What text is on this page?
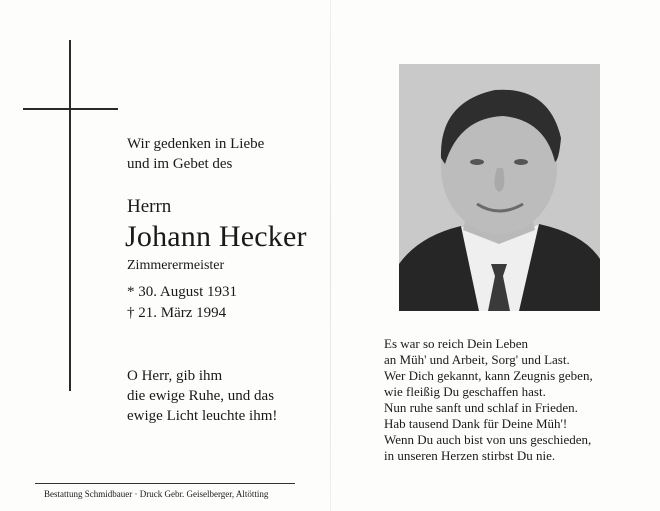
Wir gedenken in Liebe
und im Gebet des
Herrn
Johann Hecker
Zimmerermeister
* 30. August 1931
† 21. März 1994
O Herr, gib ihm
die ewige Ruhe, und das
ewige Licht leuchte ihm!
Bestattung Schmidbauer · Druck Gebr. Geiselberger, Altötting
Es war so reich Dein Leben
an Müh' und Arbeit, Sorg' und Last.
Wer Dich gekannt, kann Zeugnis geben,
wie fleißig Du geschaffen hast.
Nun ruhe sanft und schlaf in Frieden.
Hab tausend Dank für Deine Müh'!
Wenn Du auch bist von uns geschieden,
in unseren Herzen stirbst Du nie.
